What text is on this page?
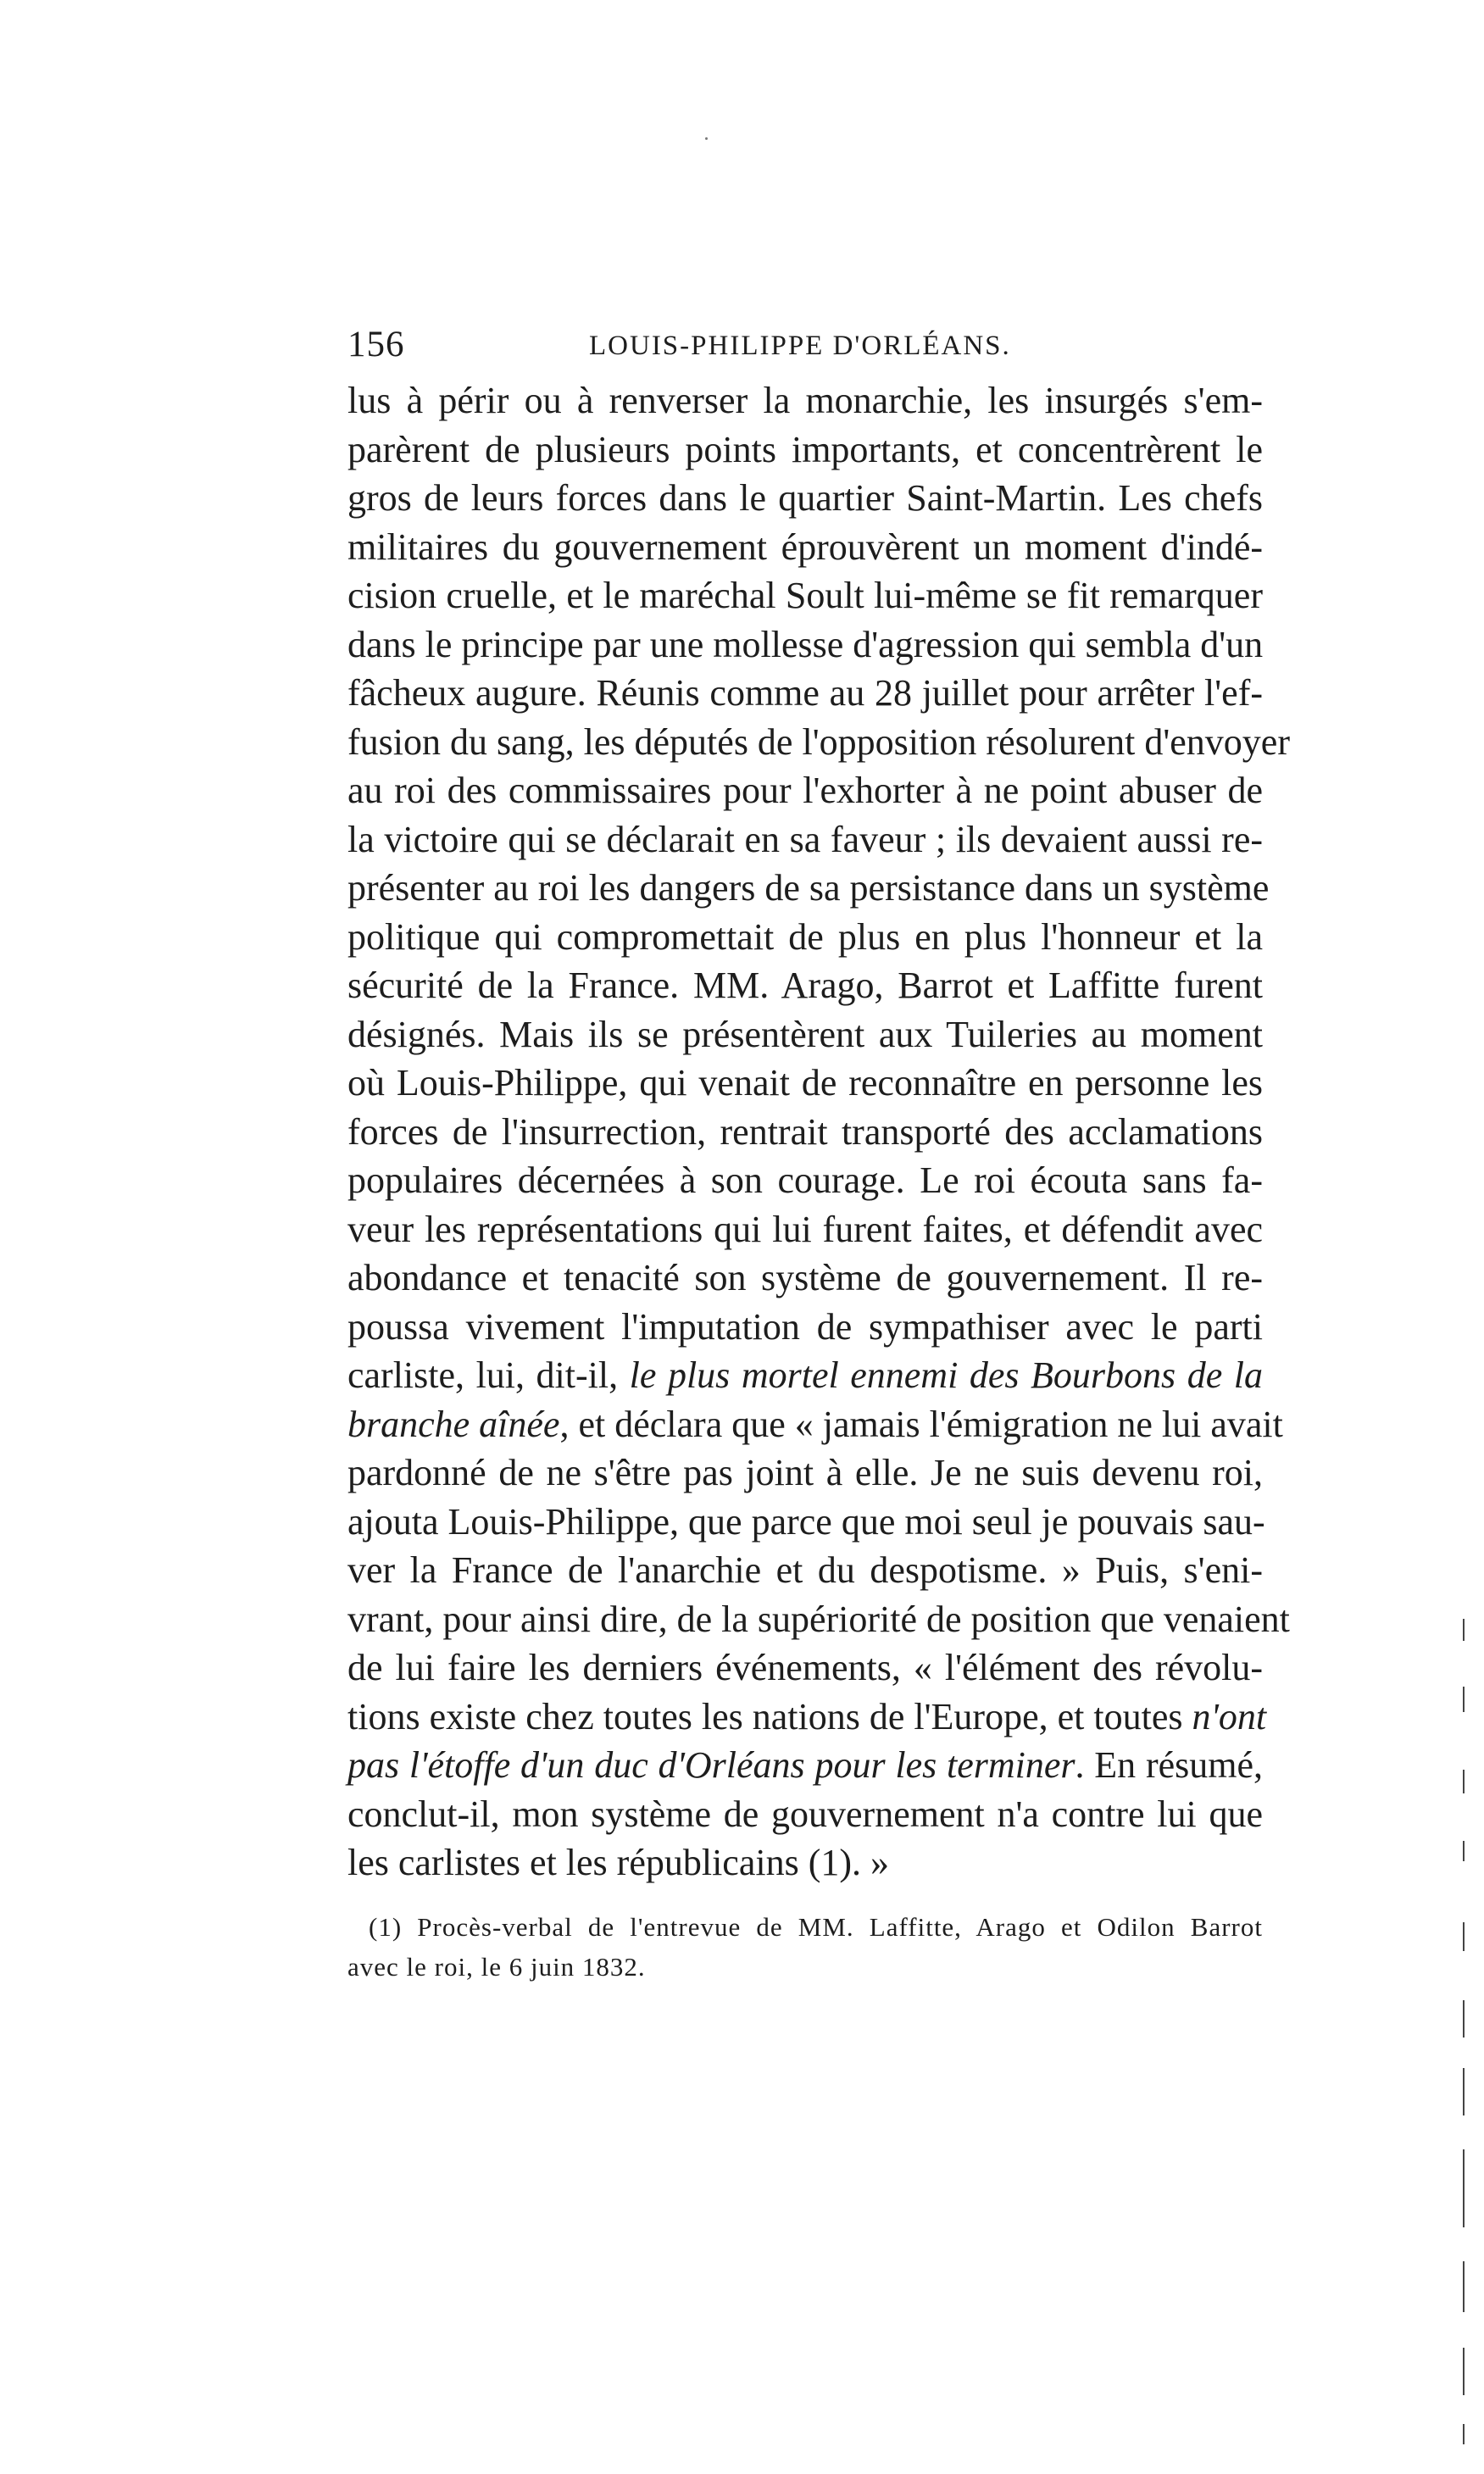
156	LOUIS-PHILIPPE D'ORLÉANS.
lus à périr ou à renverser la monarchie, les insurgés s'em-
parèrent de plusieurs points importants, et concentrèrent le
gros de leurs forces dans le quartier Saint-Martin. Les chefs
militaires du gouvernement éprouvèrent un moment d'indé-
cision cruelle, et le maréchal Soult lui-même se fit remarquer
dans le principe par une mollesse d'agression qui sembla d'un
fâcheux augure. Réunis comme au 28 juillet pour arrêter l'ef-
fusion du sang, les députés de l'opposition résolurent d'envoyer
au roi des commissaires pour l'exhorter à ne point abuser de
la victoire qui se déclarait en sa faveur ; ils devaient aussi re-
présenter au roi les dangers de sa persistance dans un système
politique qui compromettait de plus en plus l'honneur et la
sécurité de la France. MM. Arago, Barrot et Laffitte furent
désignés. Mais ils se présentèrent aux Tuileries au moment
où Louis-Philippe, qui venait de reconnaître en personne les
forces de l'insurrection, rentrait transporté des acclamations
populaires décernées à son courage. Le roi écouta sans fa-
veur les représentations qui lui furent faites, et défendit avec
abondance et tenacité son système de gouvernement. Il re-
poussa vivement l'imputation de sympathiser avec le parti
carliste, lui, dit-il, le plus mortel ennemi des Bourbons de la
branche aînée, et déclara que « jamais l'émigration ne lui avait
pardonné de ne s'être pas joint à elle. Je ne suis devenu roi,
ajouta Louis-Philippe, que parce que moi seul je pouvais sau-
ver la France de l'anarchie et du despotisme. » Puis, s'eni-
vrant, pour ainsi dire, de la supériorité de position que venaient
de lui faire les derniers événements, « l'élément des révolu-
tions existe chez toutes les nations de l'Europe, et toutes n'ont
pas l'étoffe d'un duc d'Orléans pour les terminer. En résumé,
conclut-il, mon système de gouvernement n'a contre lui que
les carlistes et les républicains (1). »
(1) Procès-verbal de l'entrevue de MM. Laffitte, Arago et Odilon Barrot
avec le roi, le 6 juin 1832.
